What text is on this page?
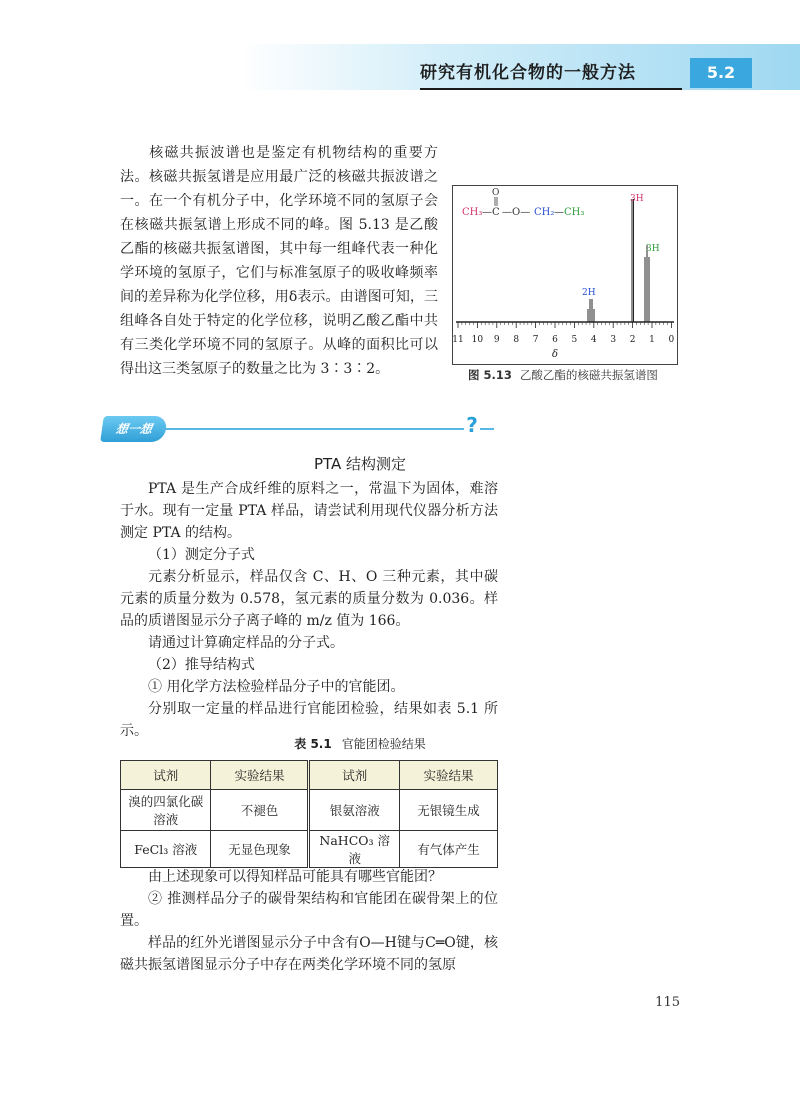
研究有机化合物的一般方法	5.2
核磁共振波谱也是鉴定有机物结构的重要方法。核磁共振氢谱是应用最广泛的核磁共振波谱之一。在一个有机分子中，化学环境不同的氢原子会在核磁共振氢谱上形成不同的峰。图 5.13 是乙酸乙酯的核磁共振氢谱图，其中每一组峰代表一种化学环境的氢原子，它们与标准氢原子的吸收峰频率间的差异称为化学位移，用δ表示。由谱图可知，三组峰各自处于特定的化学位移，说明乙酸乙酯中共有三类化学环境不同的氢原子。从峰的面积比可以得出这三类氢原子的数量之比为 3∶3∶2。
CH₃ — C
O
—O— CH₂ — CH₃
2H
3H
3H
11 10 9 8 7 6 5 4 3 2 1 0
δ
图 5.13 乙酸乙酯的核磁共振氢谱图
想一想	?
PTA 结构测定
PTA 是生产合成纤维的原料之一，常温下为固体，难溶于水。现有一定量 PTA 样品，请尝试利用现代仪器分析方法测定 PTA 的结构。
（1）测定分子式
元素分析显示，样品仅含 C、H、O 三种元素，其中碳元素的质量分数为 0.578，氢元素的质量分数为 0.036。样品的质谱图显示分子离子峰的 m/z 值为 166。
请通过计算确定样品的分子式。
（2）推导结构式
① 用化学方法检验样品分子中的官能团。
分别取一定量的样品进行官能团检验，结果如表 5.1 所示。
表 5.1 官能团检验结果
试剂	实验结果	试剂	实验结果
溴的四氯化碳溶液	不褪色	银氨溶液	无银镜生成
FeCl₃ 溶液	无显色现象	NaHCO₃ 溶液	有气体产生
由上述现象可以得知样品可能具有哪些官能团？
② 推测样品分子的碳骨架结构和官能团在碳骨架上的位置。
样品的红外光谱图显示分子中含有O—H键与C═O键，核磁共振氢谱图显示分子中存在两类化学环境不同的氢原
115
